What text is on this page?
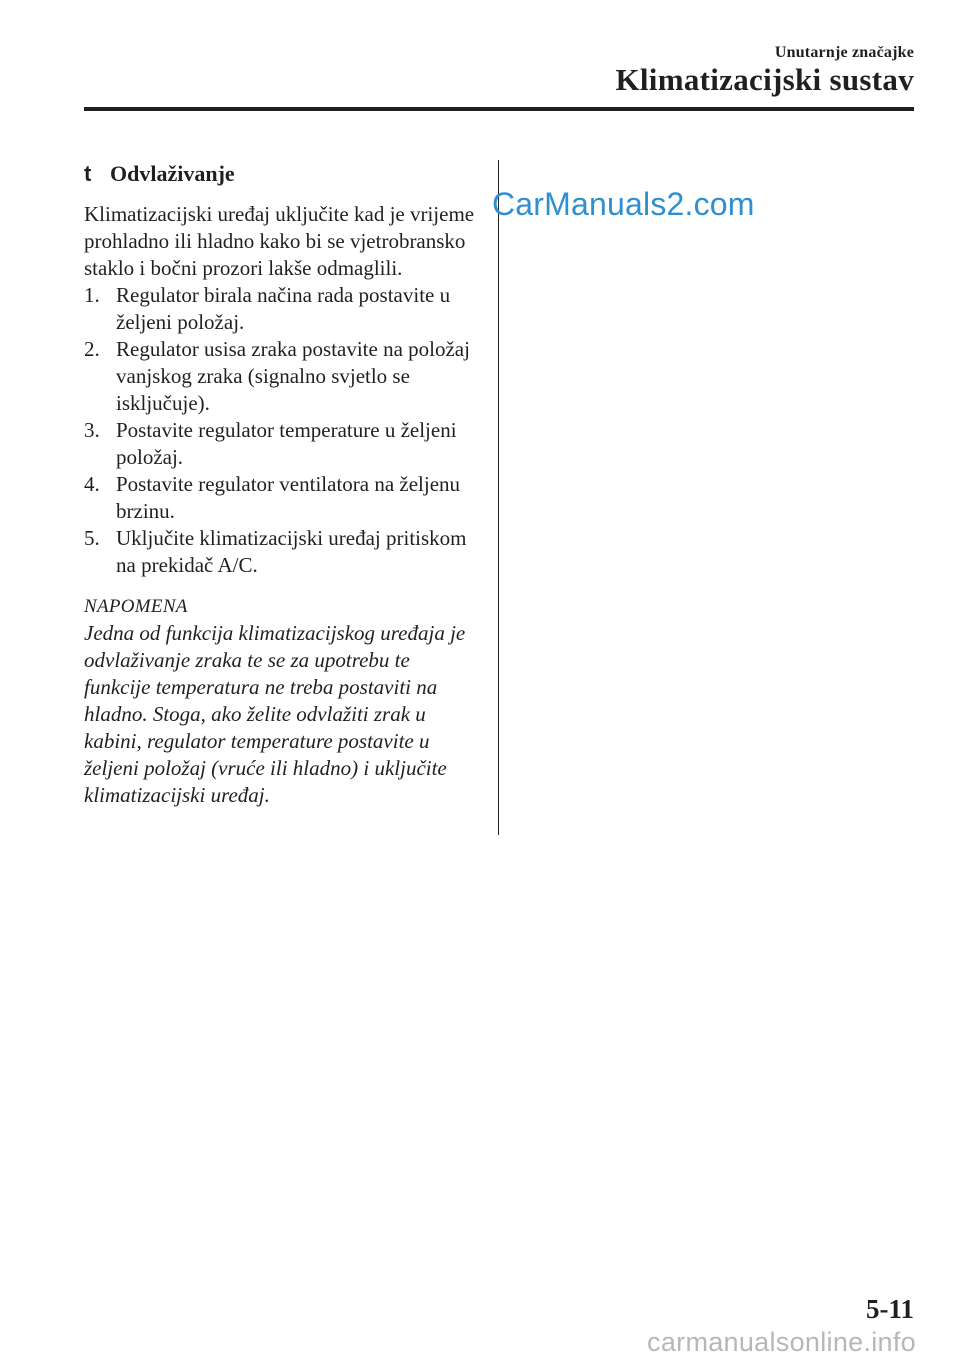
Unutarnje značajke
Klimatizacijski sustav
CarManuals2.com
t Odvlaživanje

Klimatizacijski uređaj uključite kad je vrijeme prohladno ili hladno kako bi se vjetrobransko staklo i bočni prozori lakše odmaglili.

1. Regulator birala načina rada postavite u željeni položaj.
2. Regulator usisa zraka postavite na položaj vanjskog zraka (signalno svjetlo se isključuje).
3. Postavite regulator temperature u željeni položaj.
4. Postavite regulator ventilatora na željenu brzinu.
5. Uključite klimatizacijski uređaj pritiskom na prekidač A/C.
NAPOMENA

Jedna od funkcija klimatizacijskog uređaja je odvlaživanje zraka te se za upotrebu te funkcije temperatura ne treba postaviti na hladno. Stoga, ako želite odvlažiti zrak u kabini, regulator temperature postavite u željeni položaj (vruće ili hladno) i uključite klimatizacijski uređaj.

5-11
carmanualsonline.info
